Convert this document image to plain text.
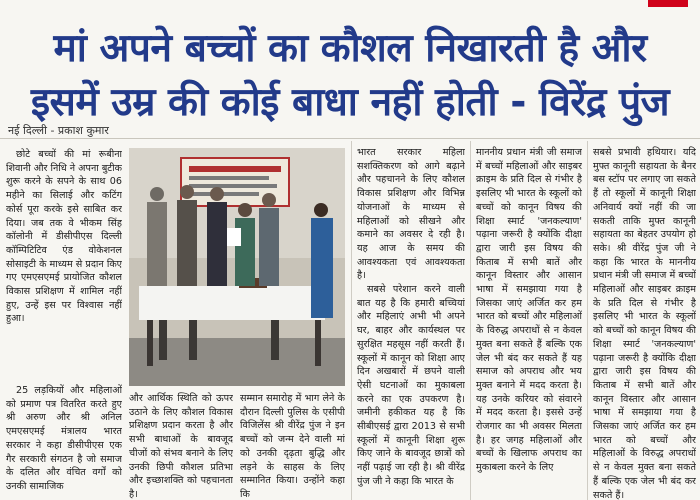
मां अपने बच्चों का कौशल निखारती है और
इसमें उम्र की कोई बाधा नहीं होती - विरेंद्र पुंज
नई दिल्ली - प्रकाश कुमार

छोटे बच्चों की मां रूबीना शिवानी और निधि ने अपना बुटीक शुरू करने के सपने के साथ 06 महीने का सिलाई और कटिंग कोर्स पूरा करके इसे साबित कर दिया। जब तक वे भीकम सिंह कॉलोनी में डीसीपीएस दिल्ली कॉम्पिटिटिव एंड वोकेशनल सोसाइटी के माध्यम से प्रदान किए गए एमएसएमई प्रायोजित कौशल विकास प्रशिक्षण में शामिल नहीं हुए, उन्हें इस पर विश्वास नहीं हुआ।

25 लड़कियों और महिलाओं को प्रमाण पत्र वितरित करते हुए श्री अरुण और श्री अनिल एमएसएमई मंत्रालय भारत सरकार ने कहा डीसीपीएस एक गैर सरकारी संगठन है जो समाज के दलित और वंचित वर्गों को उनकी सामाजिक

और आर्थिक स्थिति को ऊपर उठाने के लिए कौशल विकास प्रशिक्षण प्रदान करता है और सभी बाधाओं के बावजूद चीजों को संभव बनाने के लिए उनकी छिपी कौशल प्रतिभा और इच्छाशक्ति को पहचानता है।

सम्मान समारोह में भाग लेने के दौरान दिल्ली पुलिस के एसीपी विजिलेंस श्री वीरेंद्र पुंज ने इन बच्चों को जन्म देने वाली मां को उनकी दृढ़ता बुद्धि और लड़ने के साहस के लिए सम्मानित किया। उन्होंने कहा कि

भारत सरकार महिला सशक्तिकरण को आगे बढ़ाने और पहचानने के लिए कौशल विकास प्रशिक्षण और विभिन्न योजनाओं के माध्यम से महिलाओं को सीखने और कमाने का अवसर दे रही है। यह आज के समय की आवश्यकता एवं आवश्यकता है।

सबसे परेशान करने वाली बात यह है कि हमारी बच्चियां और महिलाएं अभी भी अपने घर, बाहर और कार्यस्थल पर सुरक्षित महसूस नहीं करती हैं। स्कूलों में कानून को शिक्षा आए दिन अखबारों में छपने वाली ऐसी घटनाओं का मुकाबला करने का एक उपकरण है। जमीनी हकीकत यह है कि सीबीएसई द्वारा 2013 से सभी स्कूलों में कानूनी शिक्षा शुरू किए जाने के बावजूद छात्रों को नहीं पढ़ाई जा रही है। श्री वीरेंद्र पुंज जी ने कहा कि भारत के

माननीय प्रधान मंत्री जी समाज में बच्चों महिलाओं और साइबर क्राइम के प्रति दिल से गंभीर है इसलिए भी भारत के स्कूलों को बच्चों को कानून विषय की शिक्षा स्मार्ट 'जनकल्याण' पढ़ाना जरूरी है क्योंकि दीक्षा द्वारा जारी इस विषय की किताब में सभी बातें और कानून विस्तार और आसान भाषा में समझाया गया है जिसका जाएं अर्जित कर हम भारत को बच्चों और महिलाओं के विरुद्ध अपराधों से न केवल मुक्त बना सकते हैं बल्कि एक जेल भी बंद कर सकते हैं यह समाज को अपराध और भय मुक्त बनाने में मदद करता है। यह उनके करियर को संवारने में मदद करता है। इससे उन्हें रोजगार का भी अवसर मिलता है। हर जगह महिलाओं और बच्चों के खिलाफ अपराध का मुकाबला करने के लिए

सबसे प्रभावी हथियार। यदि मुफ्त कानूनी सहायता के बैनर बस स्टॉप पर लगाए जा सकते हैं तो स्कूलों में कानूनी शिक्षा अनिवार्य क्यों नहीं की जा सकती ताकि मुफ्त कानूनी सहायता का बेहतर उपयोग हो सके। श्री वीरेंद्र पुंज जी ने कहा कि भारत के माननीय प्रधान मंत्री जी समाज में बच्चों महिलाओं और साइबर क्राइम के प्रति दिल से गंभीर है इसलिए भी भारत के स्कूलों को बच्चों को कानून विषय की शिक्षा स्मार्ट 'जनकल्याण' पढ़ाना जरूरी है क्योंकि दीक्षा द्वारा जारी इस विषय की किताब में सभी बातें और कानून विस्तार और आसान भाषा में समझाया गया है जिसका जाएं अर्जित कर हम भारत को बच्चों और महिलाओं के विरुद्ध अपराधों से न केवल मुक्त बना सकते हैं बल्कि एक जेल भी बंद कर सकते हैं।
